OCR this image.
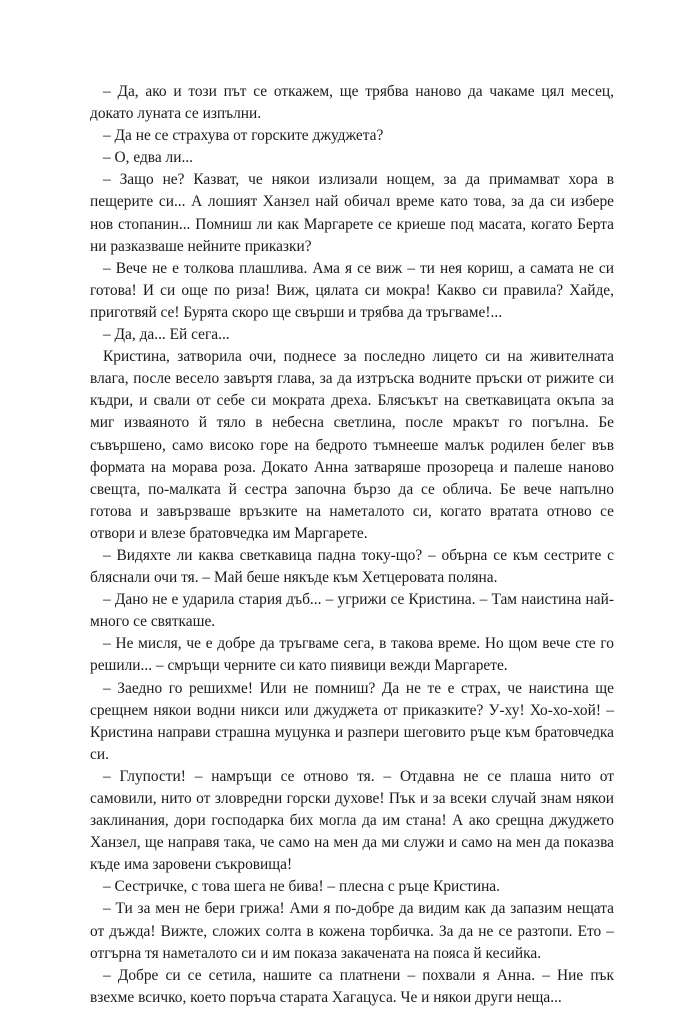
– Да, ако и този път се откажем, ще трябва наново да чакаме цял месец, докато луната се изпълни.

– Да не се страхува от горските джуджета?

– О, едва ли...

– Защо не? Казват, че някои излизали нощем, за да примамват хора в пещерите си... А лошият Ханзел най обичал време като това, за да си избере нов стопанин... Помниш ли как Маргарете се криеше под масата, когато Берта ни разказваше нейните приказки?

– Вече не е толкова плашлива. Ама я се виж – ти нея кориш, а самата не си готова! И си още по риза! Виж, цялата си мокра! Какво си правила? Хайде, приготвяй се! Бурята скоро ще свърши и трябва да тръгваме!...

– Да, да... Ей сега...

Кристина, затворила очи, поднесе за последно лицето си на живителната влага, после весело завъртя глава, за да изтръска водните пръски от рижите си къдри, и свали от себе си мократа дреха. Блясъкът на светкавицата окъпа за миг изваяното й тяло в небесна светлина, после мракът го погълна. Бе съвършено, само високо горе на бедрото тъмнееше малък родилен белег във формата на морава роза. Докато Анна затваряше прозореца и палеше наново свещта, по-малката й сестра започна бързо да се облича. Бе вече напълно готова и завързваше връзките на наметалото си, когато вратата отново се отвори и влезе братовчедка им Маргарете.

– Видяхте ли каква светкавица падна току-що? – обърна се към сестрите с бляснали очи тя. – Май беше някъде към Хетцеровата поляна.

– Дано не е ударила стария дъб... – угрижи се Кристина. – Там наистина най-много се святкаше.

– Не мисля, че е добре да тръгваме сега, в такова време. Но щом вече сте го решили... – смръщи черните си като пиявици вежди Маргарете.

– Заедно го решихме! Или не помниш? Да не те е страх, че наистина ще срещнем някои водни никси или джуджета от приказките? У-ху! Хо-хо-хой! – Кристина направи страшна муцунка и разпери шеговито ръце към братовчедка си.

– Глупости! – намръщи се отново тя. – Отдавна не се плаша нито от самовили, нито от зловредни горски духове! Пък и за всеки случай знам някои заклинания, дори господарка бих могла да им стана! А ако срещна джуджето Ханзел, ще направя така, че само на мен да ми служи и само на мен да показва къде има заровени съкровища!

– Сестричке, с това шега не бива! – плесна с ръце Кристина.

– Ти за мен не бери грижа! Ами я по-добре да видим как да запазим нещата от дъжда! Вижте, сложих солта в кожена торбичка. За да не се разтопи. Ето – отгърна тя наметалото си и им показа закачената на пояса й кесийка.

– Добре си се сетила, нашите са платнени – похвали я Анна. – Ние пък взехме всичко, което поръча старата Хагацуса. Че и някои други неща...
